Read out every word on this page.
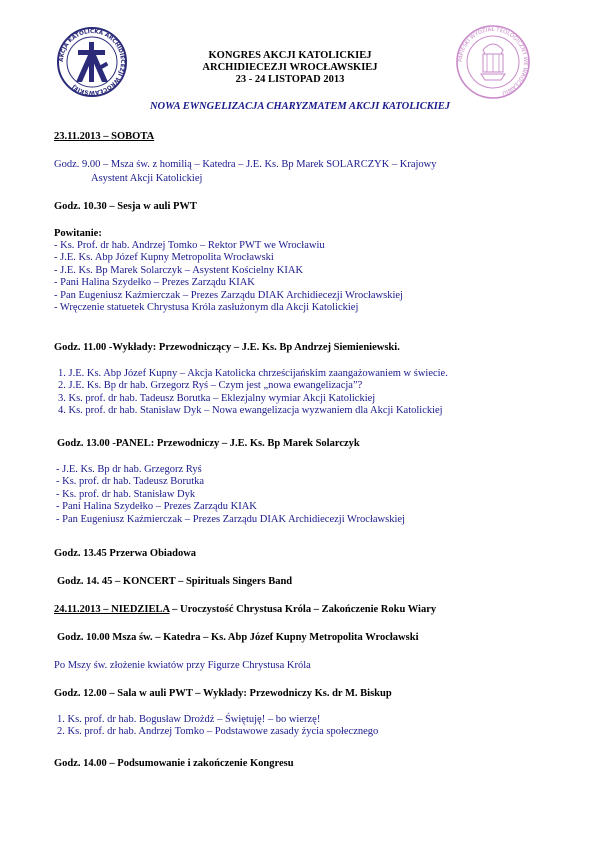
AKCJA KATOLICKA ARCHIDIECEZJI WROCŁAWSKIEJ
PAPIESKI WYDZIAŁ TEOLOGICZNY WE WROCŁAWIU
KONGRES AKCJI KATOLICKIEJ
ARCHIDIECEZJI WROCŁAWSKIEJ
23 - 24 LISTOPAD 2013
NOWA EWNGELIZACJA CHARYZMATEM AKCJI KATOLICKIEJ
23.11.2013 – SOBOTA
Godz. 9.00 – Msza św. z homilią – Katedra – J.E. Ks. Bp Marek SOLARCZYK – Krajowy
Asystent Akcji Katolickiej
Godz. 10.30 – Sesja w auli PWT
Powitanie:
- Ks. Prof. dr hab. Andrzej Tomko – Rektor PWT we Wrocławiu
- J.E. Ks. Abp Józef Kupny Metropolita Wrocławski
- J.E. Ks. Bp Marek Solarczyk – Asystent Kościelny KIAK
- Pani Halina Szydełko – Prezes Zarządu KIAK
- Pan Eugeniusz Kaźmierczak – Prezes Zarządu DIAK Archidiecezji Wrocławskiej
- Wręczenie statuetek Chrystusa Króla zasłużonym dla Akcji Katolickiej
Godz. 11.00 -Wykłady: Przewodniczący – J.E. Ks. Bp Andrzej Siemieniewski.
1. J.E. Ks. Abp Józef Kupny – Akcja Katolicka chrześcijańskim zaangażowaniem w świecie.
2. J.E. Ks. Bp dr hab. Grzegorz Ryś – Czym jest „nowa ewangelizacja”?
3. Ks. prof. dr hab. Tadeusz Borutka – Eklezjalny wymiar Akcji Katolickiej
4. Ks. prof. dr hab. Stanisław Dyk – Nowa ewangelizacja wyzwaniem dla Akcji Katolickiej
Godz. 13.00 -PANEL: Przewodniczy – J.E. Ks. Bp Marek Solarczyk
- J.E. Ks. Bp dr hab. Grzegorz Ryś
- Ks. prof. dr hab. Tadeusz Borutka
- Ks. prof. dr hab. Stanisław Dyk
- Pani Halina Szydełko – Prezes Zarządu KIAK
- Pan Eugeniusz Kaźmierczak – Prezes Zarządu DIAK Archidiecezji Wrocławskiej
Godz. 13.45 Przerwa Obiadowa
Godz. 14. 45 – KONCERT – Spirituals Singers Band
24.11.2013 – NIEDZIELA – Uroczystość Chrystusa Króla – Zakończenie Roku Wiary
Godz. 10.00 Msza św. – Katedra – Ks. Abp Józef Kupny Metropolita Wrocławski
Po Mszy św. złożenie kwiatów przy Figurze Chrystusa Króla
Godz. 12.00 – Sala w auli PWT – Wykłady: Przewodniczy Ks. dr M. Biskup
1. Ks. prof. dr hab. Bogusław Drożdż – Świętuję! – bo wierzę!
2. Ks. prof. dr hab. Andrzej Tomko – Podstawowe zasady życia społecznego
Godz. 14.00 – Podsumowanie i zakończenie Kongresu
